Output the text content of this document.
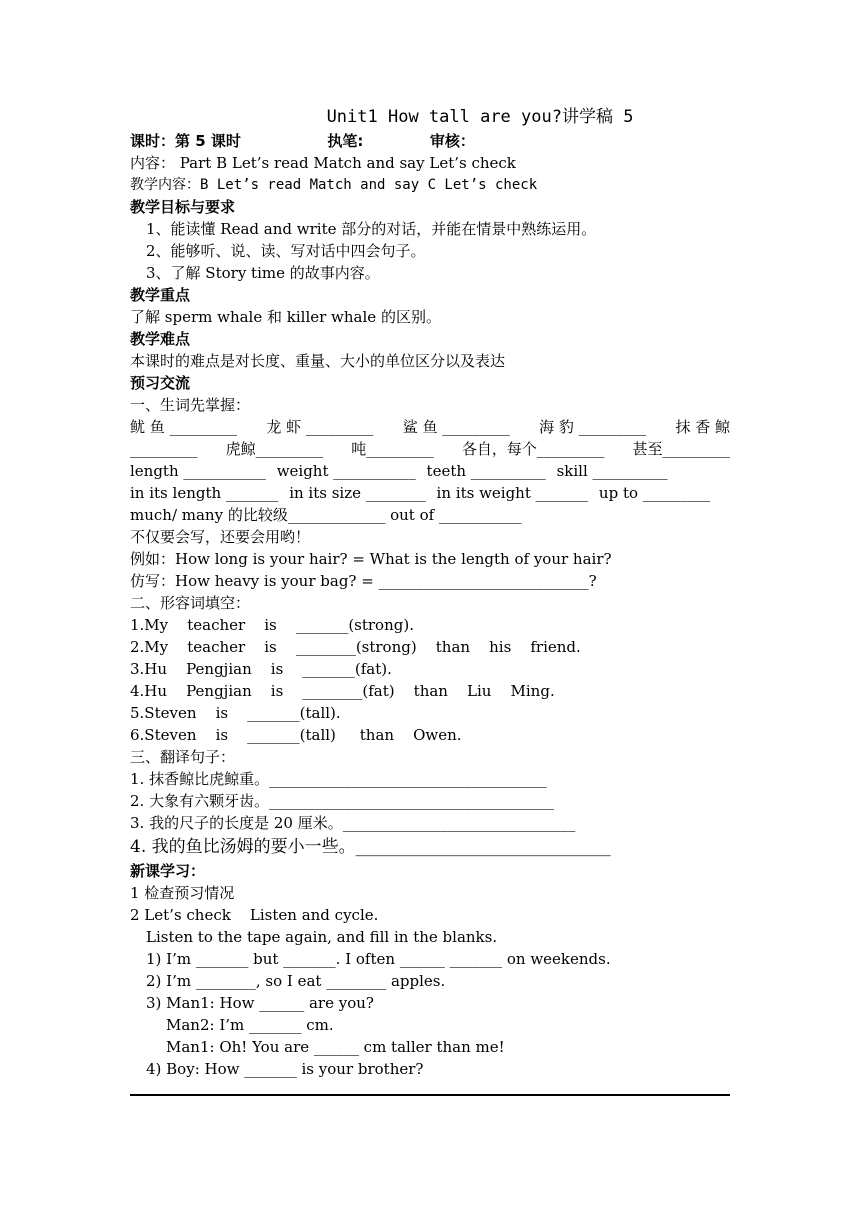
Unit1 How tall are you?讲学稿 5
课时：第 5 课时	执笔:	审核：
内容： Part B Let’s read Match and say Let’s check
教学内容：B Let’s read Match and say C Let’s check
教学目标与要求
1、能读懂 Read and write 部分的对话，并能在情景中熟练运用。
2、能够听、说、读、写对话中四会句子。
3、了解 Story time 的故事内容。
教学重点
了解 sperm whale 和 killer whale 的区别。
教学难点
本课时的难点是对长度、重量、大小的单位区分以及表达
预习交流
一、生词先掌握：
鱿 鱼 _________ 龙 虾 _________ 鲨 鱼 _________ 海 豹 _________ 抹 香 鲸
_________ 虎鲸_________ 吨_________ 各自，每个_________ 甚至_________
length ___________ weight ___________ teeth __________ skill __________
in its length _______ in its size ________ in its weight _______ up to _________
much/ many 的比较级_____________ out of ___________
不仅要会写，还要会用哟！
例如：How long is your hair? = What is the length of your hair?
仿写：How heavy is your bag? = ____________________________?
二、形容词填空：
1.My    teacher    is    _______(strong).
2.My    teacher    is    ________(strong)    than    his    friend.
3.Hu    Pengjian    is    _______(fat).
4.Hu    Pengjian    is    ________(fat)    than    Liu    Ming.
5.Steven    is    _______(tall).
6.Steven    is    _______(tall)     than    Owen.
三、翻译句子：
1. 抹香鲸比虎鲸重。_____________________________________
2. 大象有六颗牙齿。______________________________________
3. 我的尺子的长度是 20 厘米。_______________________________
4. 我的鱼比汤姆的要小一些。______________________________
新课学习：
1 检查预习情况
2 Let’s check    Listen and cycle.
Listen to the tape again, and fill in the blanks.
1) I’m _______ but _______. I often ______ _______ on weekends.
2) I’m ________, so I eat ________ apples.
3) Man1: How ______ are you?
Man2: I’m _______ cm.
Man1: Oh! You are ______ cm taller than me!
4) Boy: How _______ is your brother?
